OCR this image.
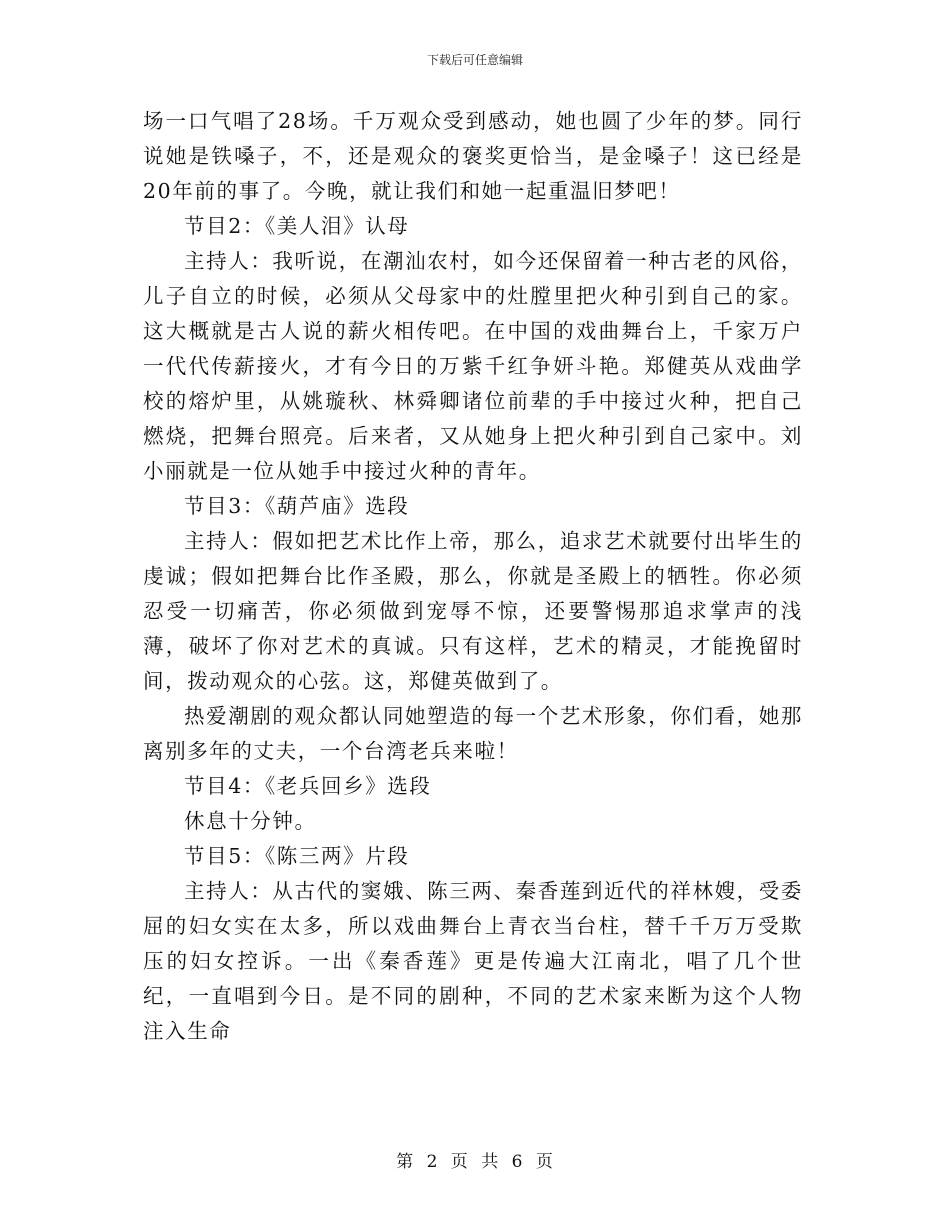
下载后可任意编辑

场一口气唱了28场。千万观众受到感动，她也圆了少年的梦。同行说她是铁嗓子，不，还是观众的褒奖更恰当，是金嗓子！这已经是20年前的事了。今晚，就让我们和她一起重温旧梦吧！

节目2：《美人泪》认母

主持人：我听说，在潮汕农村，如今还保留着一种古老的风俗，儿子自立的时候，必须从父母家中的灶膛里把火种引到自己的家。这大概就是古人说的薪火相传吧。在中国的戏曲舞台上，千家万户一代代传薪接火，才有今日的万紫千红争妍斗艳。郑健英从戏曲学校的熔炉里，从姚璇秋、林舜卿诸位前辈的手中接过火种，把自己燃烧，把舞台照亮。后来者，又从她身上把火种引到自己家中。刘小丽就是一位从她手中接过火种的青年。

节目3：《葫芦庙》选段

主持人：假如把艺术比作上帝，那么，追求艺术就要付出毕生的虔诚；假如把舞台比作圣殿，那么，你就是圣殿上的牺牲。你必须忍受一切痛苦，你必须做到宠辱不惊，还要警惕那追求掌声的浅薄，破坏了你对艺术的真诚。只有这样，艺术的精灵，才能挽留时间，拨动观众的心弦。这，郑健英做到了。

热爱潮剧的观众都认同她塑造的每一个艺术形象，你们看，她那离别多年的丈夫，一个台湾老兵来啦！

节目4：《老兵回乡》选段

休息十分钟。

节目5：《陈三两》片段

主持人：从古代的窦娥、陈三两、秦香莲到近代的祥林嫂，受委屈的妇女实在太多，所以戏曲舞台上青衣当台柱，替千千万万受欺压的妇女控诉。一出《秦香莲》更是传遍大江南北，唱了几个世纪，一直唱到今日。是不同的剧种，不同的艺术家来断为这个人物注入生命

第 2 页 共 6 页
